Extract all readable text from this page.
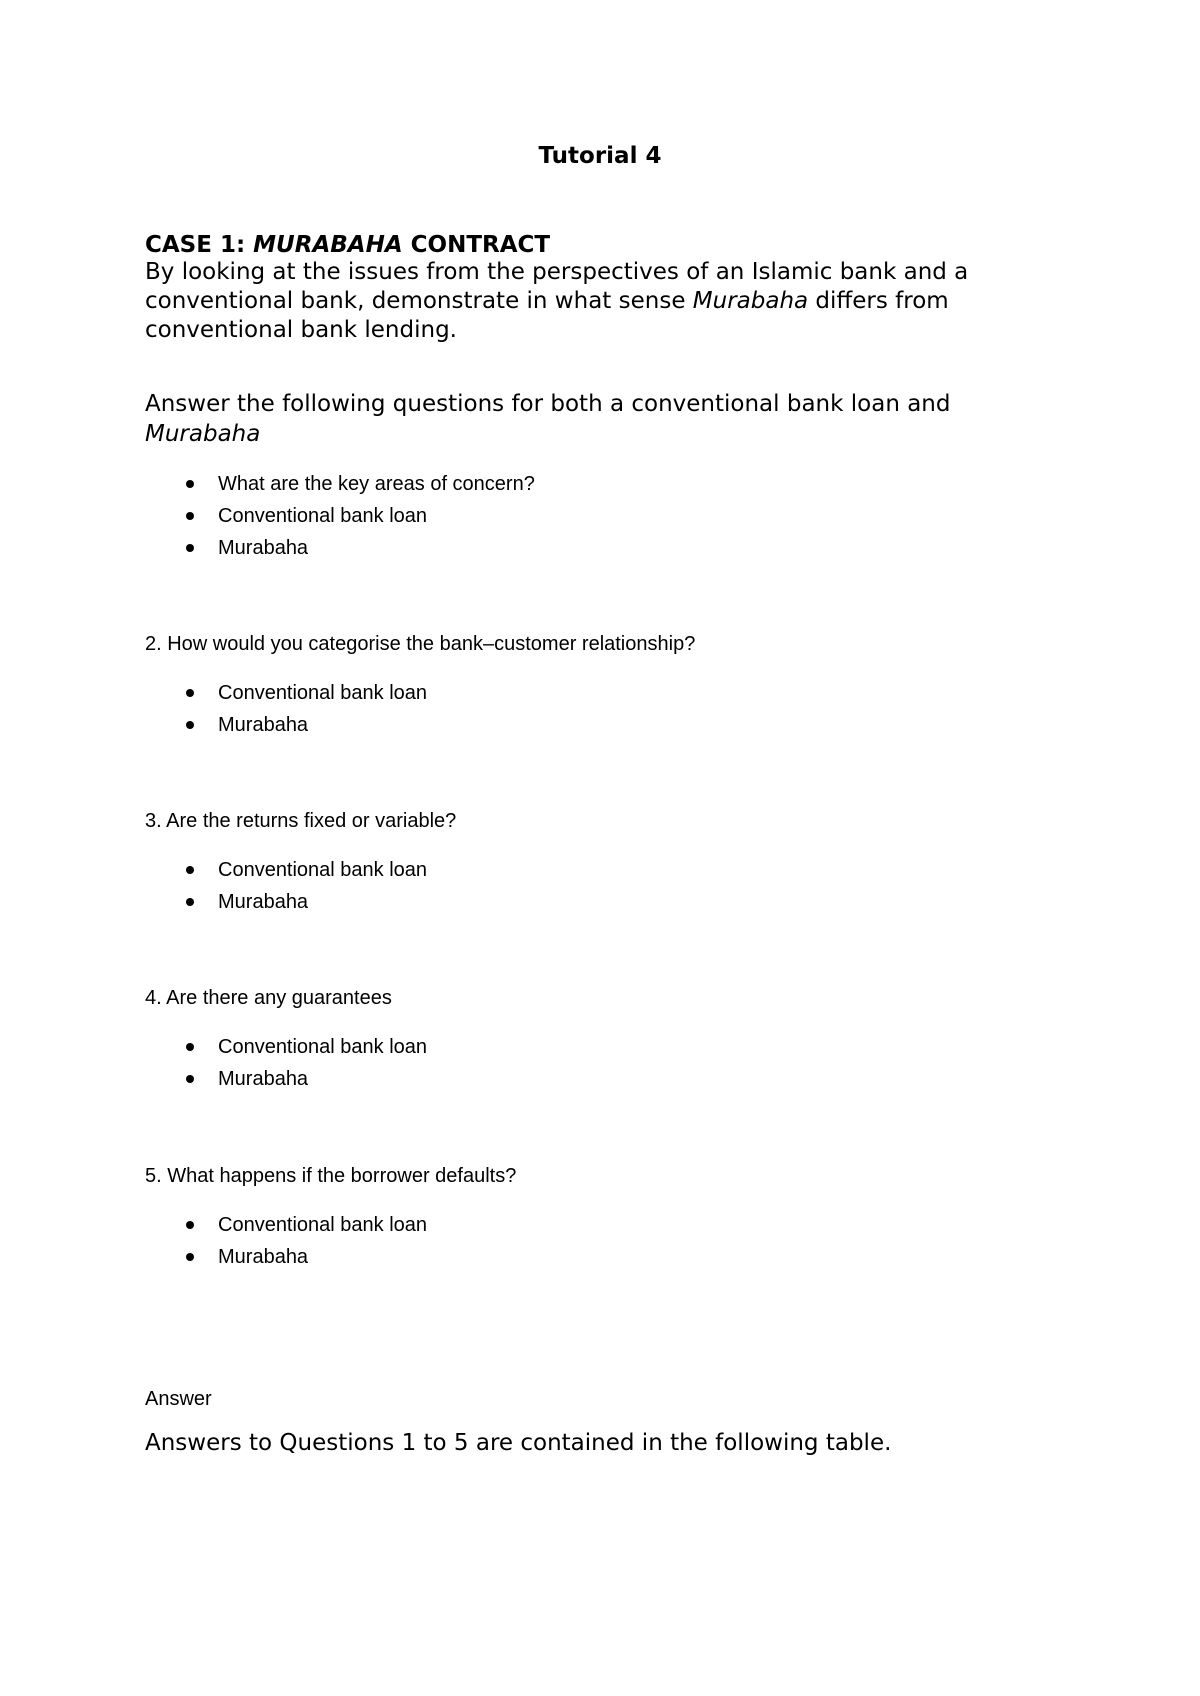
Tutorial 4
CASE 1: MURABAHA CONTRACT
By looking at the issues from the perspectives of an Islamic bank and a conventional bank, demonstrate in what sense Murabaha differs from conventional bank lending.
Answer the following questions for both a conventional bank loan and Murabaha
What are the key areas of concern?
Conventional bank loan
Murabaha
2. How would you categorise the bank–customer relationship?
Conventional bank loan
Murabaha
3. Are the returns fixed or variable?
Conventional bank loan
Murabaha
4. Are there any guarantees
Conventional bank loan
Murabaha
5. What happens if the borrower defaults?
Conventional bank loan
Murabaha
Answer
Answers to Questions 1 to 5 are contained in the following table.
